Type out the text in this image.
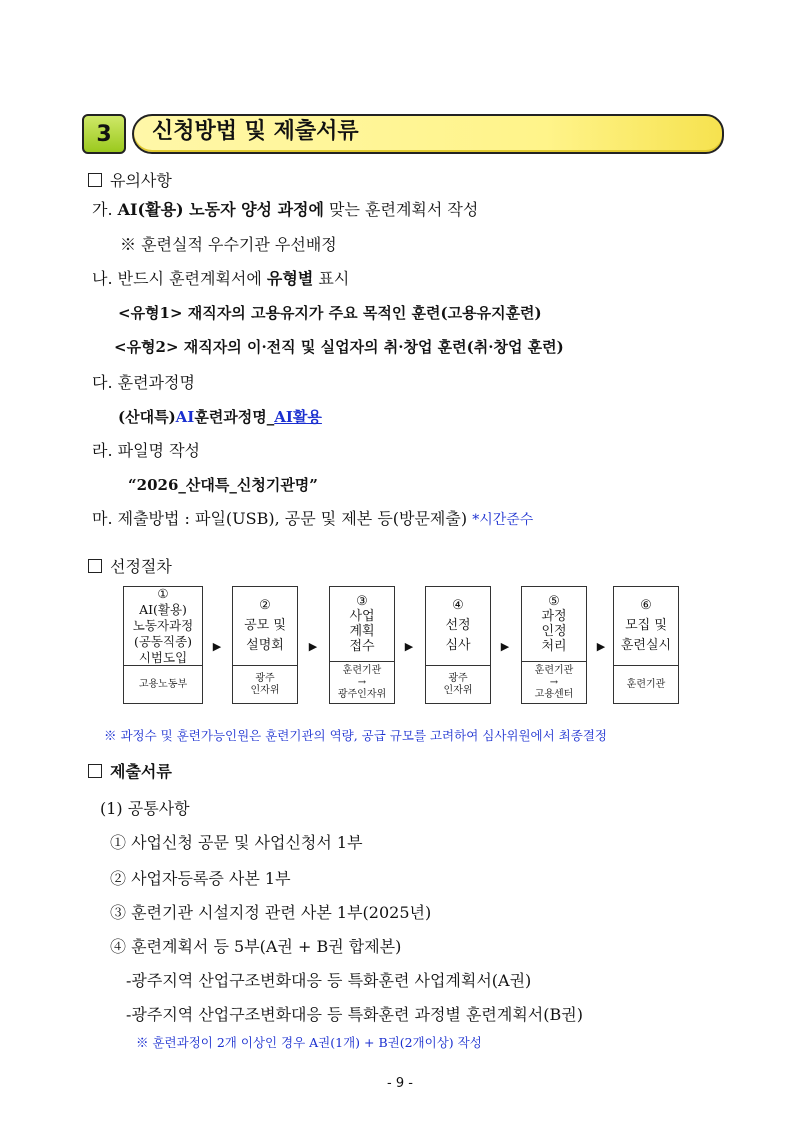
3 신청방법 및 제출서류
유의사항
가. AI(활용) 노동자 양성 과정에 맞는 훈련계획서 작성
※ 훈련실적 우수기관 우선배정
나. 반드시 훈련계획서에 유형별 표시
<유형1> 재직자의 고용유지가 주요 목적인 훈련(고용유지훈련)
<유형2> 재직자의 이·전직 및 실업자의 취·창업 훈련(취·창업 훈련)
다. 훈련과정명
(산대특)AI훈련과정명_AI활용
라. 파일명 작성
“2026_산대특_신청기관명”
마. 제출방법 : 파일(USB), 공문 및 제본 등(방문제출) *시간준수
선정절차
①
AI(활용)
노동자과정
(공동직종)
시범도입
고용노동부
▶
②
공모 및
설명회
광주
인자위
▶
③
사업
계획
접수
훈련기관
→
광주인자위
▶
④
선정
심사
광주
인자위
▶
⑤
과정
인정
처리
훈련기관
→
고용센터
▶
⑥
모집 및
훈련실시
훈련기관
※ 과정수 및 훈련가능인원은 훈련기관의 역량, 공급 규모를 고려하여 심사위원에서 최종결정
제출서류
(1) 공통사항
① 사업신청 공문 및 사업신청서 1부
② 사업자등록증 사본 1부
③ 훈련기관 시설지정 관련 사본 1부(2025년)
④ 훈련계획서 등 5부(A권 + B권 합제본)
-광주지역 산업구조변화대응 등 특화훈련 사업계획서(A권)
-광주지역 산업구조변화대응 등 특화훈련 과정별 훈련계획서(B권)
※ 훈련과정이 2개 이상인 경우 A권(1개) + B권(2개이상) 작성
- 9 -
